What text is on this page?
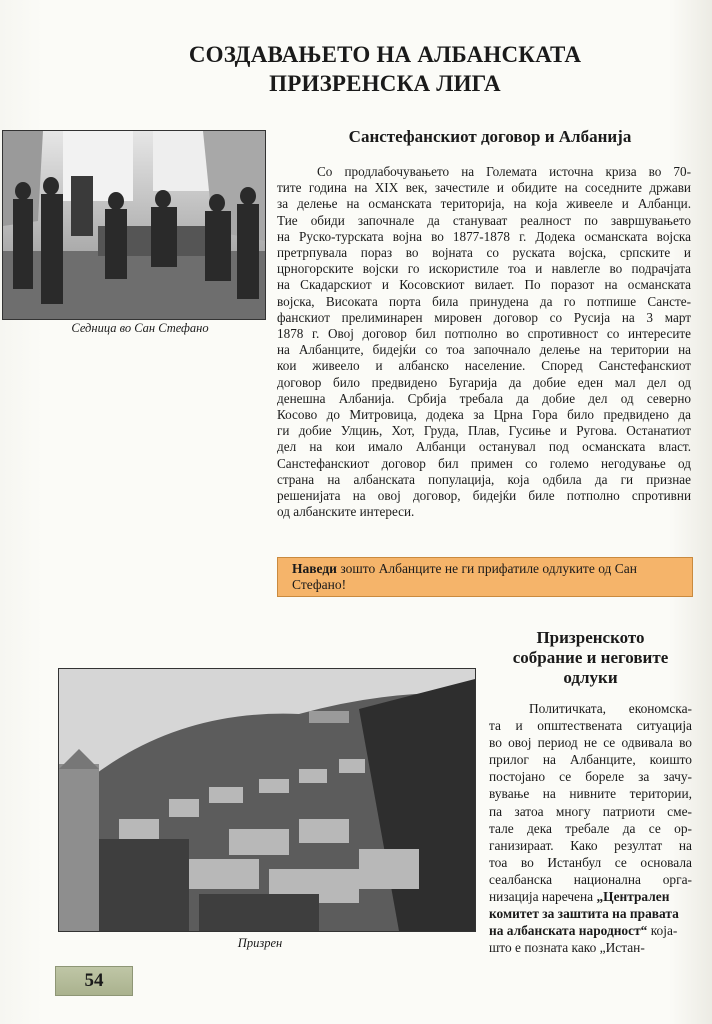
СОЗДАВАЊЕТО НА АЛБАНСКАТА
ПРИЗРЕНСКА ЛИГА
Седница во Сан Стефано
Санстефанскиот договор и Албанија
Со продлабочувањето на Големата источна криза во 70-
тите година на XIX век, зачестиле и обидите на соседните држави
за делење на османската територија, на која живееле и Албанци.
Тие обиди започнале да стануваат реалност по завршувањето
на Руско-турската војна во 1877-1878 г. Додека османската војска
претрпувала пораз во војната со руската војска, српските и
црногорските војски го искористиле тоа и навлегле во подрачјата
на Скадарскиот и Косовскиот вилает. По поразот на османската
војска, Високата порта била принудена да го потпише Сансте-
фанскиот прелиминарен мировен договор со Русија на 3 март
1878 г. Овој договор бил потполно во спротивност со интересите
на Албанците, бидејќи со тоа започнало делење на територии на
кои живеело и албанско население. Според Санстефанскиот
договор било предвидено Бугарија да добие еден мал дел од
денешна Албанија. Србија требала да добие дел од северно
Косово до Митровица, додека за Црна Гора било предвидено да
ги добие Улцињ, Хот, Груда, Плав, Гусиње и Ругова. Останатиот
дел на кои имало Албанци останувал под османската власт.
Санстефанскиот договор бил примен со големо негодување од
страна на албанската популација, која одбила да ги признае
решенијата на овој договор, бидејќи биле потполно спротивни
од албанските интереси.
Наведи зошто Албанците не ги прифатиле одлуките од Сан Стефано!
Призренското
собрание и неговите
одлуки
Призрен
Политичката, економска-
та и општествената ситуација
во овој период не се одвивала во
прилог на Албанците, коишто
постојано се бореле за зачу-
вување на нивните територии,
па затоа многу патриоти сме-
тале дека требале да се ор-
ганизираат. Како резултат на
тоа во Истанбул се основала
сеалбанска национална орга-
низација наречена „Централен
комитет за заштита на правата
на албанската народност“ која-
што е позната како „Истан-
54
